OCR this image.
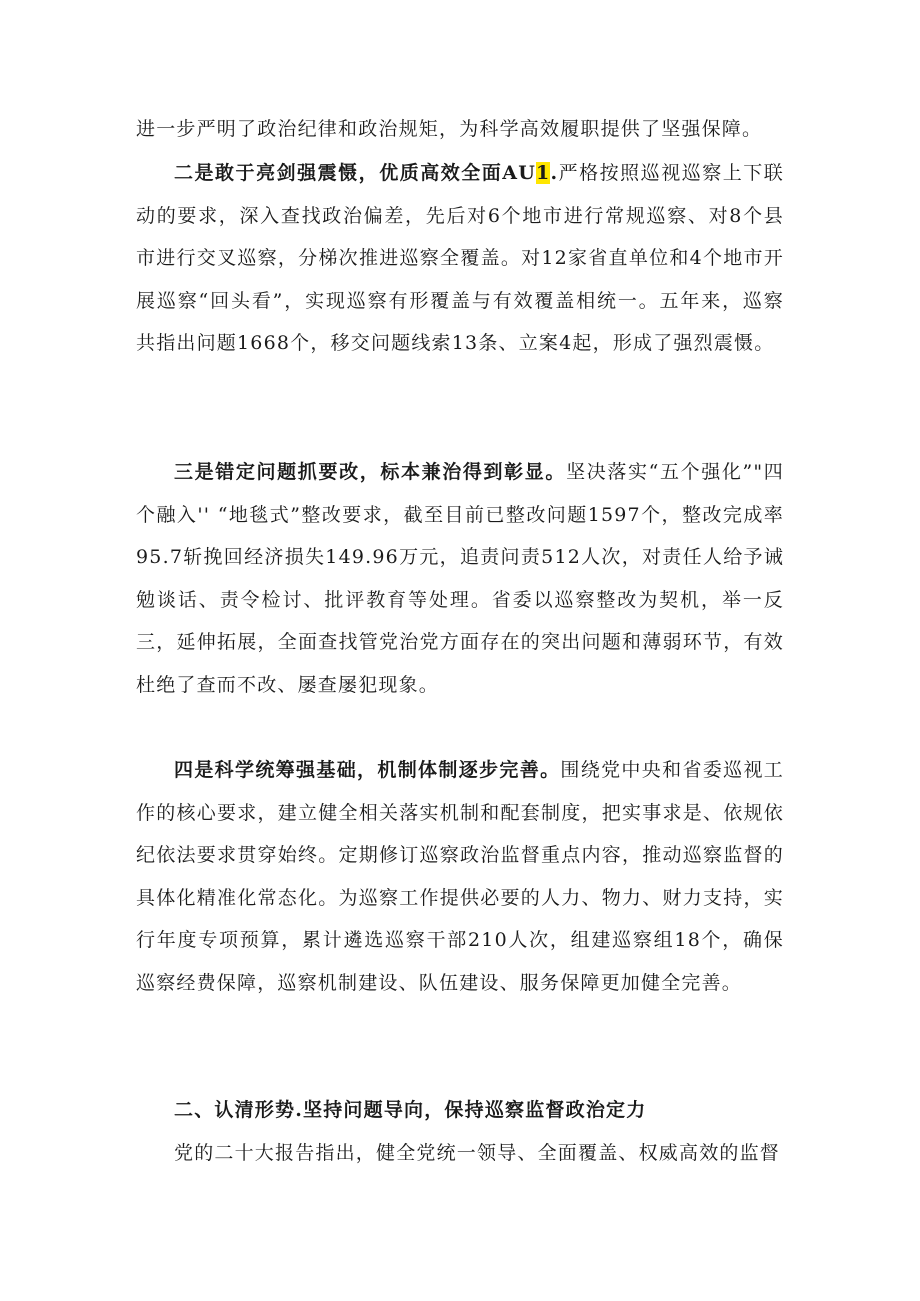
进一步严明了政治纪律和政治规矩，为科学高效履职提供了坚强保障。

二是敢于亮剑强震慑，优质高效全面AU1.严格按照巡视巡察上下联动的要求，深入查找政治偏差，先后对6个地市进行常规巡察、对8个县市进行交叉巡察，分梯次推进巡察全覆盖。对12家省直单位和4个地市开展巡察“回头看”，实现巡察有形覆盖与有效覆盖相统一。五年来，巡察共指出问题1668个，移交问题线索13条、立案4起，形成了强烈震慑。

三是错定问题抓要改，标本兼治得到彰显。坚决落实“五个强化”"四个融入'' “地毯式”整改要求，截至目前已整改问题1597个，整改完成率95.7斩挽回经济损失149.96万元，追责问责512人次，对责任人给予诫勉谈话、责令检讨、批评教育等处理。省委以巡察整改为契机，举一反三，延伸拓展，全面查找管党治党方面存在的突出问题和薄弱环节，有效杜绝了查而不改、屡查屡犯现象。

四是科学统筹强基础，机制体制逐步完善。围绕党中央和省委巡视工作的核心要求，建立健全相关落实机制和配套制度，把实事求是、依规依纪依法要求贯穿始终。定期修订巡察政治监督重点内容，推动巡察监督的具体化精准化常态化。为巡察工作提供必要的人力、物力、财力支持，实行年度专项预算，累计遴选巡察干部210人次，组建巡察组18个，确保巡察经费保障，巡察机制建设、队伍建设、服务保障更加健全完善。

二、认清形势.坚持问题导向，保持巡察监督政治定力

党的二十大报告指出，健全党统一领导、全面覆盖、权威高效的监督
